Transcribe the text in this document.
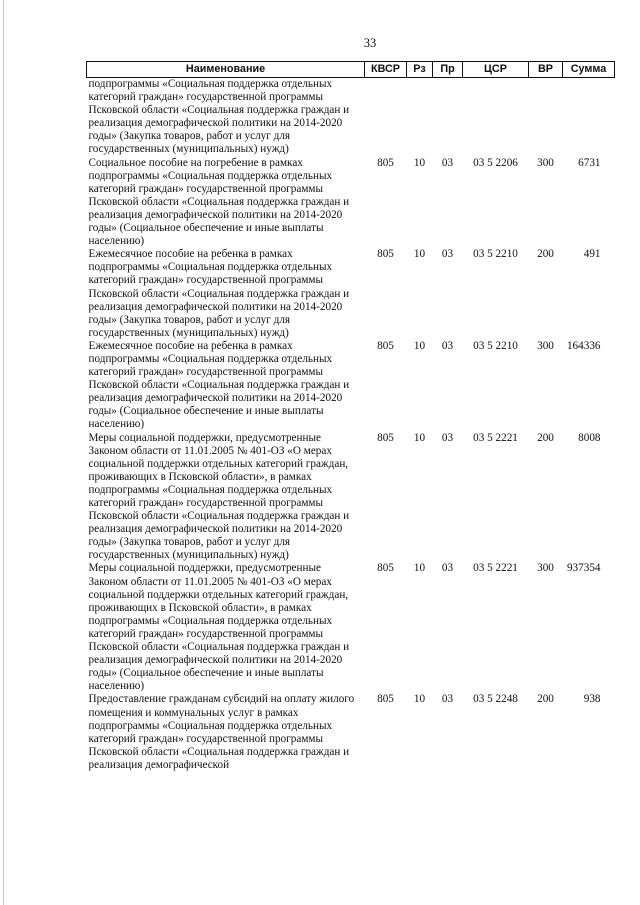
33
Наименование	КВСР	Рз	Пр	ЦСР	ВР	Сумма
подпрограммы «Социальная поддержка отдельных категорий граждан» государственной программы Псковской области «Социальная поддержка граждан и реализация демографической политики на 2014-2020 годы» (Закупка товаров, работ и услуг для государственных (муниципальных) нужд)						
Социальное пособие на погребение в рамках подпрограммы «Социальная поддержка отдельных категорий граждан» государственной программы Псковской области «Социальная поддержка граждан и реализация демографической политики на 2014-2020 годы» (Социальное обеспечение и иные выплаты населению)	805	10	03	03 5 2206	300	6731
Ежемесячное пособие на ребенка в рамках подпрограммы «Социальная поддержка отдельных категорий граждан» государственной программы Псковской области «Социальная поддержка граждан и реализация демографической политики на 2014-2020 годы» (Закупка товаров, работ и услуг для государственных (муниципальных) нужд)	805	10	03	03 5 2210	200	491
Ежемесячное пособие на ребенка в рамках подпрограммы «Социальная поддержка отдельных категорий граждан» государственной программы Псковской области «Социальная поддержка граждан и реализация демографической политики на 2014-2020 годы» (Социальное обеспечение и иные выплаты населению)	805	10	03	03 5 2210	300	164336
Меры социальной поддержки, предусмотренные Законом области от 11.01.2005 № 401-ОЗ «О мерах социальной поддержки отдельных категорий граждан, проживающих в Псковской области», в рамках подпрограммы «Социальная поддержка отдельных категорий граждан» государственной программы Псковской области «Социальная поддержка граждан и реализация демографической политики на 2014-2020 годы» (Закупка товаров, работ и услуг для государственных (муниципальных) нужд)	805	10	03	03 5 2221	200	8008
Меры социальной поддержки, предусмотренные Законом области от 11.01.2005 № 401-ОЗ «О мерах социальной поддержки отдельных категорий граждан, проживающих в Псковской области», в рамках подпрограммы «Социальная поддержка отдельных категорий граждан» государственной программы Псковской области «Социальная поддержка граждан и реализация демографической политики на 2014-2020 годы» (Социальное обеспечение и иные выплаты населению)	805	10	03	03 5 2221	300	937354
Предоставление гражданам субсидий на оплату жилого помещения и коммунальных услуг в рамках подпрограммы «Социальная поддержка отдельных категорий граждан» государственной программы Псковской области «Социальная поддержка граждан и реализация демографической	805	10	03	03 5 2248	200	938
